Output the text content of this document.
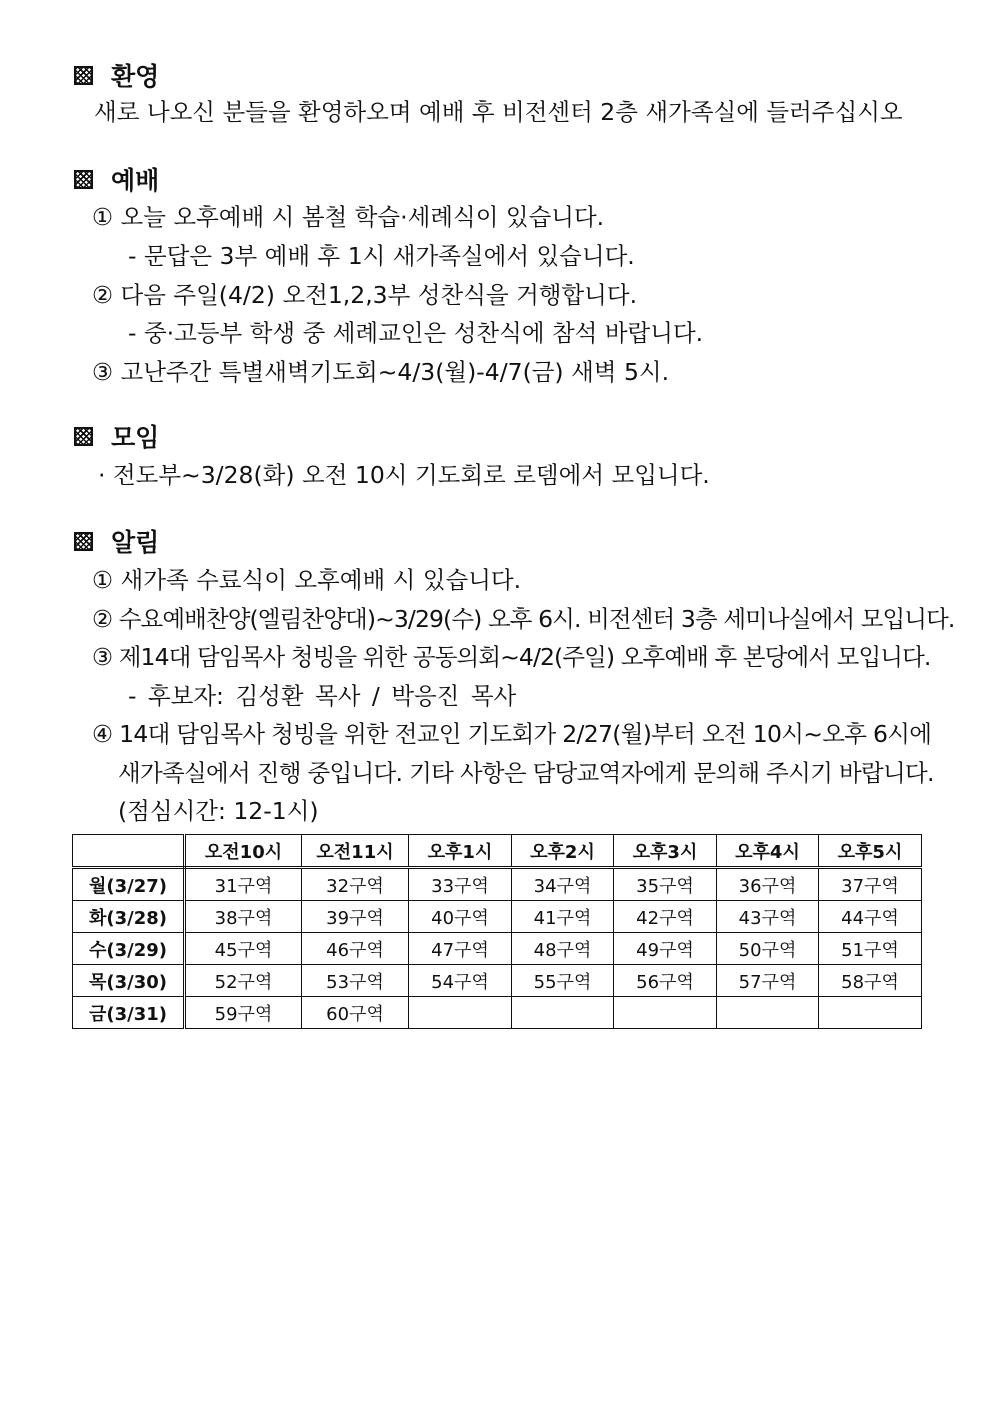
환영
새로 나오신 분들을 환영하오며 예배 후 비전센터 2층 새가족실에 들러주십시오
예배
① 오늘 오후예배 시 봄철 학습·세례식이 있습니다.
- 문답은 3부 예배 후 1시 새가족실에서 있습니다.
② 다음 주일(4/2) 오전1,2,3부 성찬식을 거행합니다.
- 중·고등부 학생 중 세례교인은 성찬식에 참석 바랍니다.
③ 고난주간 특별새벽기도회~4/3(월)-4/7(금) 새벽 5시.
모임
· 전도부~3/28(화) 오전 10시 기도회로 로뎀에서 모입니다.
알림
① 새가족 수료식이 오후예배 시 있습니다.
② 수요예배찬양(엘림찬양대)~3/29(수) 오후 6시. 비전센터 3층 세미나실에서 모입니다.
③ 제14대 담임목사 청빙을 위한 공동의회~4/2(주일) 오후예배 후 본당에서 모입니다.
- 후보자: 김성환 목사 / 박응진 목사
④ 14대 담임목사 청빙을 위한 전교인 기도회가 2/27(월)부터 오전 10시~오후 6시에
새가족실에서 진행 중입니다. 기타 사항은 담당교역자에게 문의해 주시기 바랍니다.
(점심시간: 12-1시)
	오전10시	오전11시	오후1시	오후2시	오후3시	오후4시	오후5시
월(3/27)	31구역	32구역	33구역	34구역	35구역	36구역	37구역
화(3/28)	38구역	39구역	40구역	41구역	42구역	43구역	44구역
수(3/29)	45구역	46구역	47구역	48구역	49구역	50구역	51구역
목(3/30)	52구역	53구역	54구역	55구역	56구역	57구역	58구역
금(3/31)	59구역	60구역					
